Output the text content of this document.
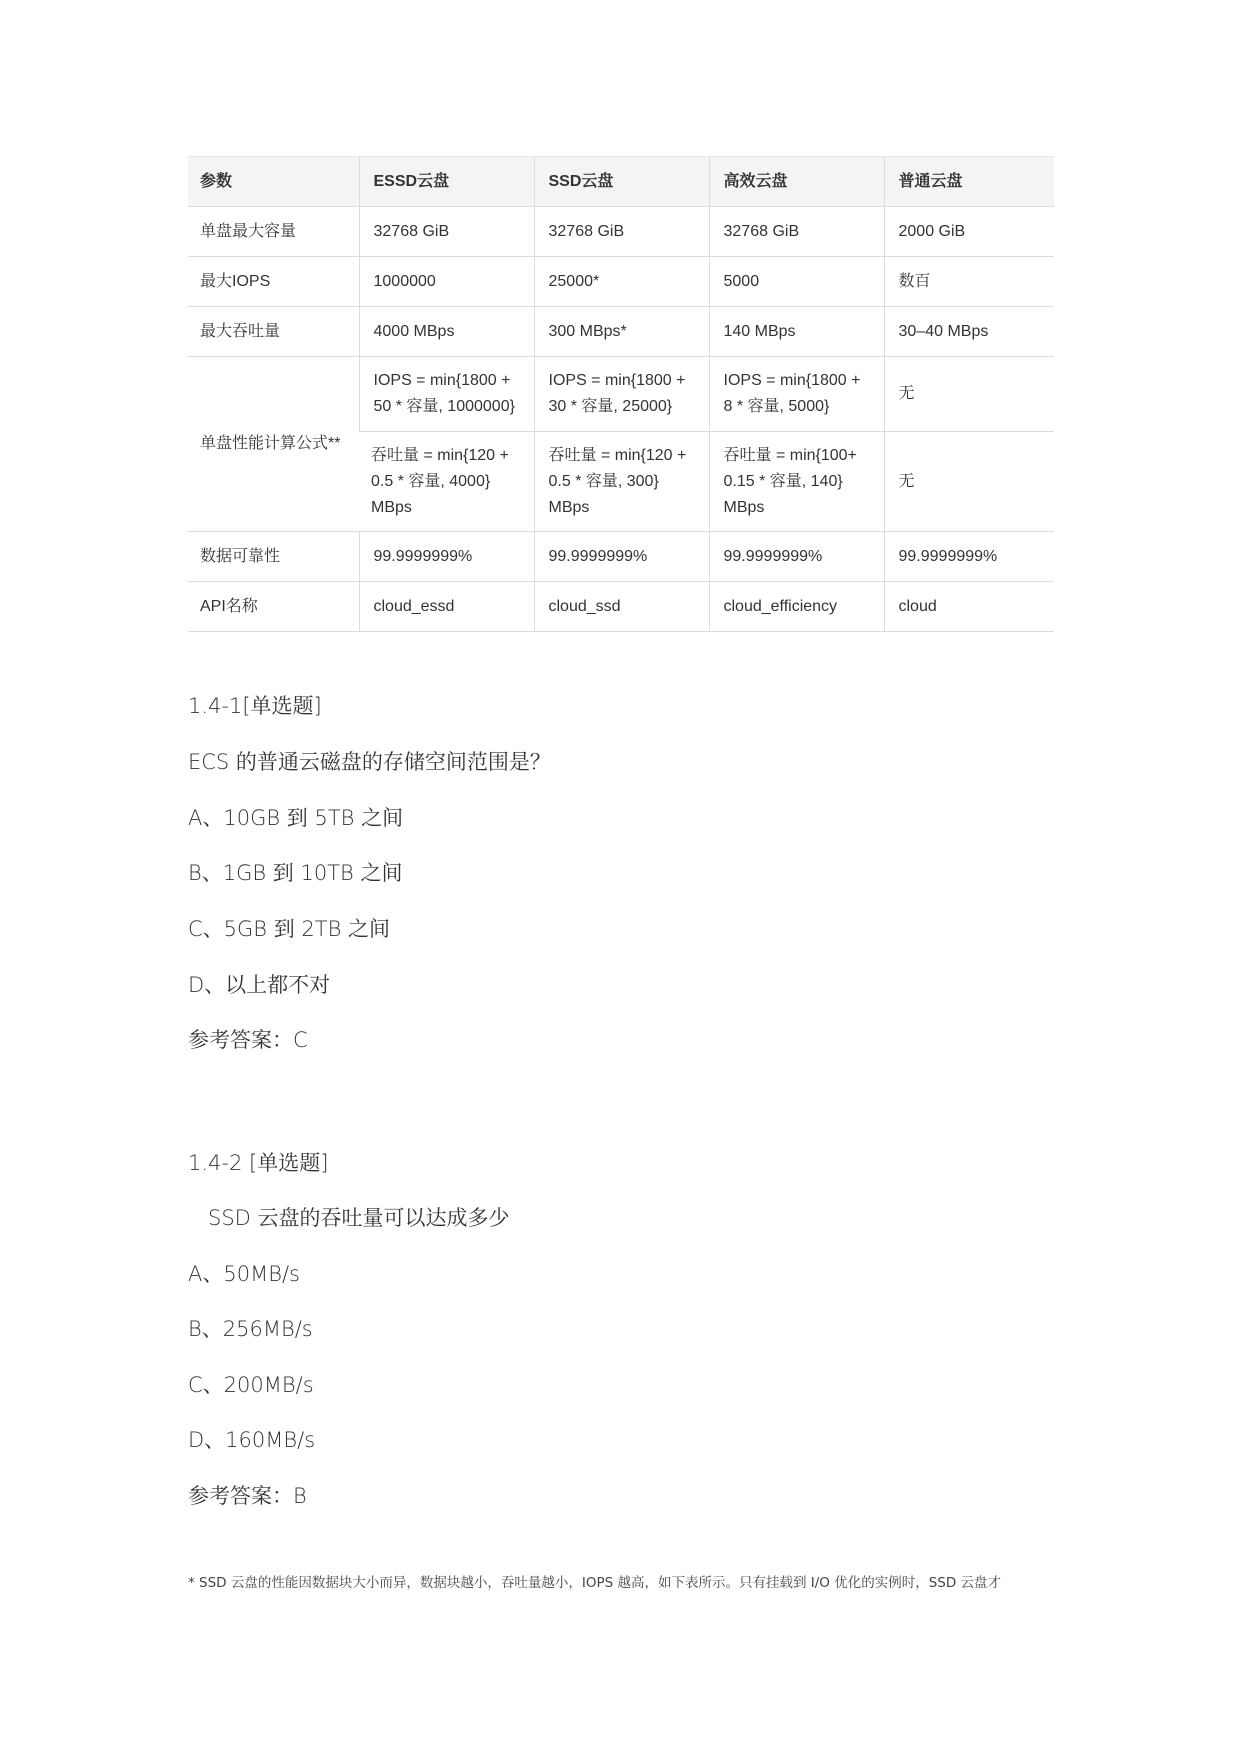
参数	ESSD云盘	SSD云盘	高效云盘	普通云盘
单盘最大容量	32768 GiB	32768 GiB	32768 GiB	2000 GiB
最大IOPS	1000000	25000*	5000	数百
最大吞吐量	4000 MBps	300 MBps*	140 MBps	30–40 MBps
单盘性能计算公式**	IOPS = min{1800 + 50 * 容量, 1000000}	IOPS = min{1800 + 30 * 容量, 25000}	IOPS = min{1800 + 8 * 容量, 5000}	无
	吞吐量 = min{120 + 0.5 * 容量, 4000} MBps	吞吐量 = min{120 + 0.5 * 容量, 300} MBps	吞吐量 = min{100+ 0.15 * 容量, 140} MBps	无
数据可靠性	99.9999999%	99.9999999%	99.9999999%	99.9999999%
API名称	cloud_essd	cloud_ssd	cloud_efficiency	cloud
1.4-1[单选题]
ECS 的普通云磁盘的存储空间范围是？
A、10GB 到 5TB 之间
B、1GB 到 10TB 之间
C、5GB 到 2TB 之间
D、以上都不对
参考答案：C
1.4-2 [单选题]
SSD 云盘的吞吐量可以达成多少
A、50MB/s
B、256MB/s
C、200MB/s
D、160MB/s
参考答案：B
* SSD 云盘的性能因数据块大小而异，数据块越小，吞吐量越小，IOPS 越高，如下表所示。只有挂载到 I/O 优化的实例时，SSD 云盘才
